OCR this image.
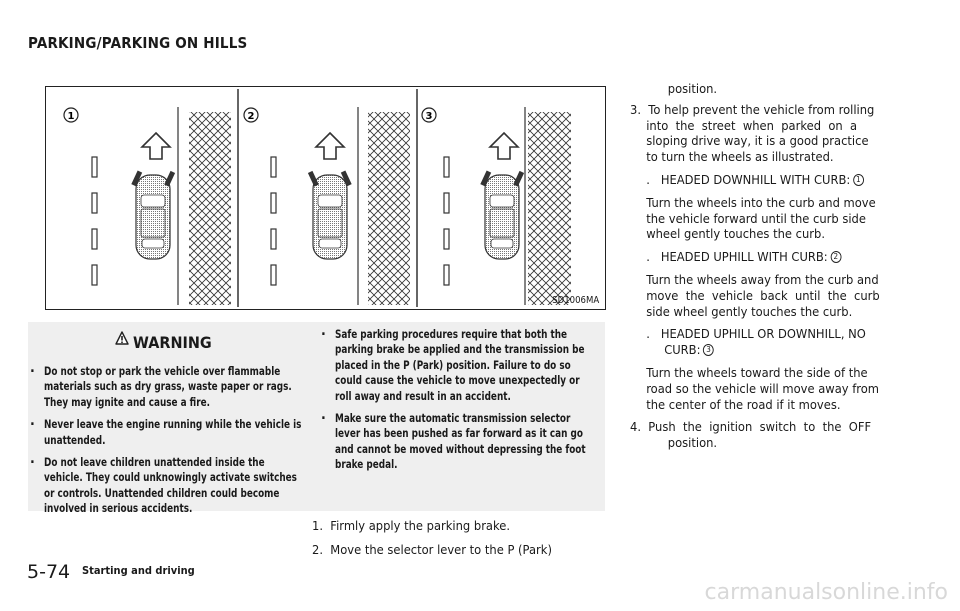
PARKING/PARKING ON HILLS
1	2	3
SD1006MA
WARNING
. Do not stop or park the vehicle over flammable materials such as dry grass, waste paper or rags. They may ignite and cause a fire.
. Never leave the engine running while the vehicle is unattended.
. Do not leave children unattended inside the vehicle. They could unknowingly activate switches or controls. Unattended children could become involved in serious accidents.
. Safe parking procedures require that both the parking brake be applied and the transmission be placed in the P (Park) position. Failure to do so could cause the vehicle to move unexpectedly or roll away and result in an accident.
. Make sure the automatic transmission selector lever has been pushed as far forward as it can go and cannot be moved without depressing the foot brake pedal.
1.  Firmly apply the parking brake.
2.  Move the selector lever to the P (Park)
position.
3.  To help prevent the vehicle from rolling
into  the  street  when  parked  on  a
sloping drive way, it is a good practice
to turn the wheels as illustrated.
.   HEADED DOWNHILL WITH CURB: 1
Turn the wheels into the curb and move
the vehicle forward until the curb side
wheel gently touches the curb.
.   HEADED UPHILL WITH CURB: 2
Turn the wheels away from the curb and
move  the  vehicle  back  until  the  curb
side wheel gently touches the curb.
.   HEADED UPHILL OR DOWNHILL, NO
CURB: 3
Turn the wheels toward the side of the
road so the vehicle will move away from
the center of the road if it moves.
4.  Push  the  ignition  switch  to  the  OFF
position.
5-74 Starting and driving
carmanualsonline.info
